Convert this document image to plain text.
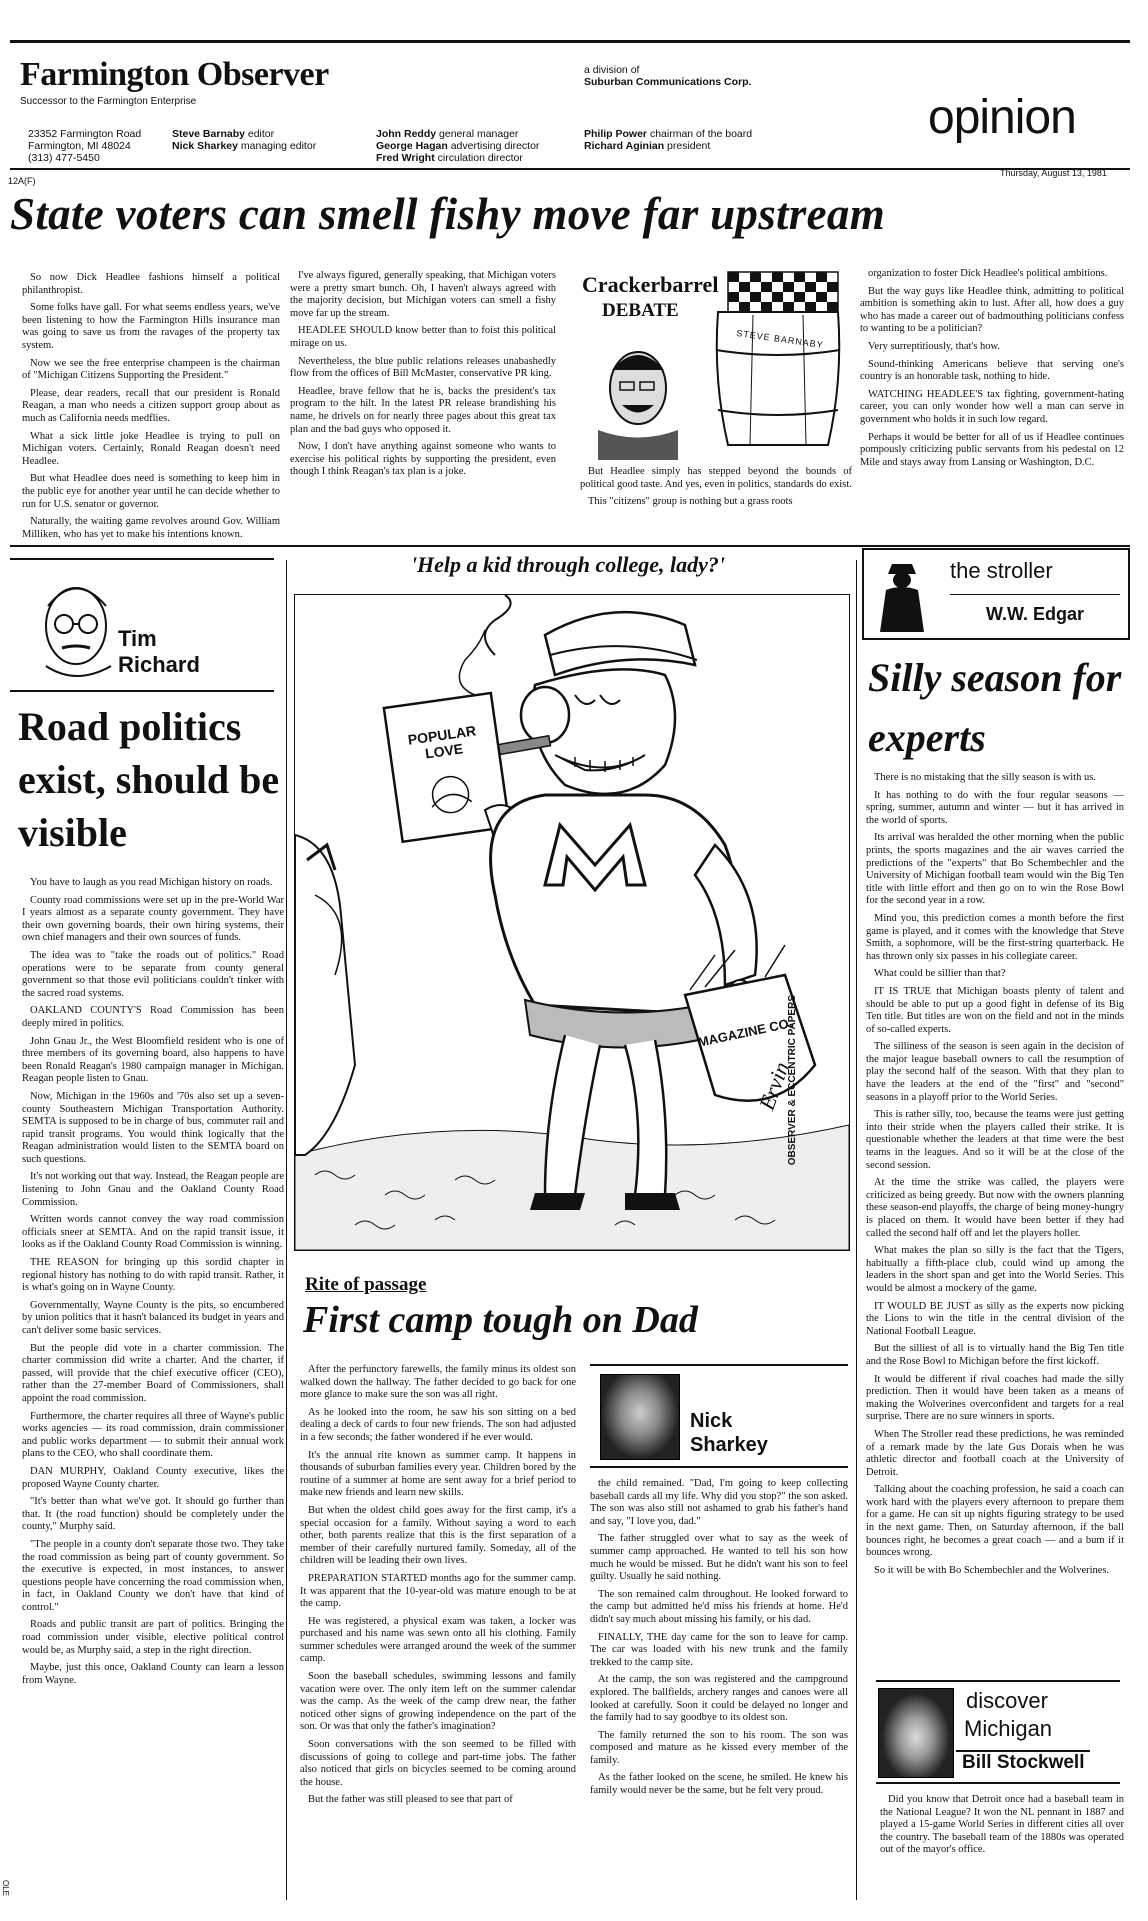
Farmington Observer
Successor to the Farmington Enterprise
23352 Farmington Road
Farmington, MI 48024
(313) 477-5450
Steve Barnaby editor
Nick Sharkey managing editor
John Reddy general manager
George Hagan advertising director
Fred Wright circulation director
a division of
Suburban Communications Corp.
Philip Power chairman of the board
Richard Aginian president
opinion
12A(F)
Thursday, August 13, 1981
State voters can smell fishy move far upstream

So now Dick Headlee fashions himself a political philanthropist.

Some folks have gall. For what seems endless years, we've been listening to how the Farmington Hills insurance man was going to save us from the ravages of the property tax system.

Now we see the free enterprise champeen is the chairman of "Michigan Citizens Supporting the President."

Please, dear readers, recall that our president is Ronald Reagan, a man who needs a citizen support group about as much as California needs medflies.

What a sick little joke Headlee is trying to pull on Michigan voters. Certainly, Ronald Reagan doesn't need Headlee.

But what Headlee does need is something to keep him in the public eye for another year until he can decide whether to run for U.S. senator or governor.

Naturally, the waiting game revolves around Gov. William Milliken, who has yet to make his intentions known.

I've always figured, generally speaking, that Michigan voters were a pretty smart bunch. Oh, I haven't always agreed with the majority decision, but Michigan voters can smell a fishy move far up the stream.

HEADLEE SHOULD know better than to foist this political mirage on us.

Nevertheless, the blue public relations releases unabashedly flow from the offices of Bill McMaster, conservative PR king.

Headlee, brave fellow that he is, backs the president's tax program to the hilt. In the latest PR release brandishing his name, he drivels on for nearly three pages about this great tax plan and the bad guys who opposed it.

Now, I don't have anything against someone who wants to exercise his political rights by supporting the president, even though I think Reagan's tax plan is a joke.

Crackerbarrel
DEBATE
STEVE BARNABY

But Headlee simply has stepped beyond the bounds of political good taste. And yes, even in politics, standards do exist.

This "citizens" group is nothing but a grass roots

organization to foster Dick Headlee's political ambitions.

But the way guys like Headlee think, admitting to political ambition is something akin to lust. After all, how does a guy who has made a career out of badmouthing politicians confess to wanting to be a politician?

Very surreptitiously, that's how.

Sound-thinking Americans believe that serving one's country is an honorable task, nothing to hide.

WATCHING HEADLEE'S tax fighting, government-hating career, you can only wonder how well a man can serve in government who holds it in such low regard.

Perhaps it would be better for all of us if Headlee continues pompously criticizing public servants from his pedestal on 12 Mile and stays away from Lansing or Washington, D.C.

Tim
Richard
Road politics exist, should be visible

You have to laugh as you read Michigan history on roads.

County road commissions were set up in the pre-World War I years almost as a separate county government. They have their own governing boards, their own hiring systems, their own chief managers and their own sources of funds.

The idea was to "take the roads out of politics." Road operations were to be separate from county general government so that those evil politicians couldn't tinker with the sacred road systems.

OAKLAND COUNTY'S Road Commission has been deeply mired in politics.

John Gnau Jr., the West Bloomfield resident who is one of three members of its governing board, also happens to have been Ronald Reagan's 1980 campaign manager in Michigan. Reagan people listen to Gnau.

Now, Michigan in the 1960s and '70s also set up a seven-county Southeastern Michigan Transportation Authority. SEMTA is supposed to be in charge of bus, commuter rail and rapid transit programs. You would think logically that the Reagan administration would listen to the SEMTA board on such questions.

It's not working out that way. Instead, the Reagan people are listening to John Gnau and the Oakland County Road Commission.

Written words cannot convey the way road commission officials sneer at SEMTA. And on the rapid transit issue, it looks as if the Oakland County Road Commission is winning.

THE REASON for bringing up this sordid chapter in regional history has nothing to do with rapid transit. Rather, it is what's going on in Wayne County.

Governmentally, Wayne County is the pits, so encumbered by union politics that it hasn't balanced its budget in years and can't deliver some basic services.

But the people did vote in a charter commission. The charter commission did write a charter. And the charter, if passed, will provide that the chief executive officer (CEO), rather than the 27-member Board of Commissioners, shall appoint the road commission.

Furthermore, the charter requires all three of Wayne's public works agencies — its road commission, drain commissioner and public works department — to submit their annual work plans to the CEO, who shall coordinate them.

DAN MURPHY, Oakland County executive, likes the proposed Wayne County charter.

"It's better than what we've got. It should go further than that. It (the road function) should be completely under the county," Murphy said.

"The people in a county don't separate those two. They take the road commission as being part of county government. So the executive is expected, in most instances, to answer questions people have concerning the road commission when, in fact, in Oakland County we don't have that kind of control."

Roads and public transit are part of politics. Bringing the road commission under visible, elective political control would be, as Murphy said, a step in the right direction.

Maybe, just this once, Oakland County can learn a lesson from Wayne.

OLE
'Help a kid through college, lady?'
POPULAR LOVE
MAGAZINE CO.
OBSERVER & ECCENTRIC PAPERS
Ervin
Rite of passage
First camp tough on Dad

After the perfunctory farewells, the family minus its oldest son walked down the hallway. The father decided to go back for one more glance to make sure the son was all right.

As he looked into the room, he saw his son sitting on a bed dealing a deck of cards to four new friends. The son had adjusted in a few seconds; the father wondered if he ever would.

It's the annual rite known as summer camp. It happens in thousands of suburban families every year. Children bored by the routine of a summer at home are sent away for a brief period to make new friends and learn new skills.

But when the oldest child goes away for the first camp, it's a special occasion for a family. Without saying a word to each other, both parents realize that this is the first separation of a member of their carefully nurtured family. Someday, all of the children will be leading their own lives.

PREPARATION STARTED months ago for the summer camp. It was apparent that the 10-year-old was mature enough to be at the camp.

He was registered, a physical exam was taken, a locker was purchased and his name was sewn onto all his clothing. Family summer schedules were arranged around the week of the summer camp.

Soon the baseball schedules, swimming lessons and family vacation were over. The only item left on the summer calendar was the camp. As the week of the camp drew near, the father noticed other signs of growing independence on the part of the son. Or was that only the father's imagination?

Soon conversations with the son seemed to be filled with discussions of going to college and part-time jobs. The father also noticed that girls on bicycles seemed to be coming around the house.

But the father was still pleased to see that part of

Nick
Sharkey

the child remained. "Dad, I'm going to keep collecting baseball cards all my life. Why did you stop?" the son asked. The son was also still not ashamed to grab his father's hand and say, "I love you, dad."

The father struggled over what to say as the week of summer camp approached. He wanted to tell his son how much he would be missed. But he didn't want his son to feel guilty. Usually he said nothing.

The son remained calm throughout. He looked forward to the camp but admitted he'd miss his friends at home. He'd didn't say much about missing his family, or his dad.

FINALLY, THE day came for the son to leave for camp. The car was loaded with his new trunk and the family trekked to the camp site.

At the camp, the son was registered and the campground explored. The ballfields, archery ranges and canoes were all looked at carefully. Soon it could be delayed no longer and the family had to say goodbye to its oldest son.

The family returned the son to his room. The son was composed and mature as he kissed every member of the family.

As the father looked on the scene, he smiled. He knew his family would never be the same, but he felt very proud.

the stroller
W.W. Edgar
Silly season for experts

There is no mistaking that the silly season is with us.

It has nothing to do with the four regular seasons — spring, summer, autumn and winter — but it has arrived in the world of sports.

Its arrival was heralded the other morning when the public prints, the sports magazines and the air waves carried the predictions of the "experts" that Bo Schembechler and the University of Michigan football team would win the Big Ten title with little effort and then go on to win the Rose Bowl for the second year in a row.

Mind you, this prediction comes a month before the first game is played, and it comes with the knowledge that Steve Smith, a sophomore, will be the first-string quarterback. He has thrown only six passes in his collegiate career.

What could be sillier than that?

IT IS TRUE that Michigan boasts plenty of talent and should be able to put up a good fight in defense of its Big Ten title. But titles are won on the field and not in the minds of so-called experts.

The silliness of the season is seen again in the decision of the major league baseball owners to call the resumption of play the second half of the season. With that they plan to have the leaders at the end of the "first" and "second" seasons in a playoff prior to the World Series.

This is rather silly, too, because the teams were just getting into their stride when the players called their strike. It is questionable whether the leaders at that time were the best teams in the leagues. And so it will be at the close of the second session.

At the time the strike was called, the players were criticized as being greedy. But now with the owners planning these season-end playoffs, the charge of being money-hungry is placed on them. It would have been better if they had called the second half off and let the players holler.

What makes the plan so silly is the fact that the Tigers, habitually a fifth-place club, could wind up among the leaders in the short span and get into the World Series. This would be almost a mockery of the game.

IT WOULD BE JUST as silly as the experts now picking the Lions to win the title in the central division of the National Football League.

But the silliest of all is to virtually hand the Big Ten title and the Rose Bowl to Michigan before the first kickoff.

It would be different if rival coaches had made the silly prediction. Then it would have been taken as a means of making the Wolverines overconfident and targets for a real surprise. There are no sure winners in sports.

When The Stroller read these predictions, he was reminded of a remark made by the late Gus Dorais when he was athletic director and football coach at the University of Detroit.

Talking about the coaching profession, he said a coach can work hard with the players every afternoon to prepare them for a game. He can sit up nights figuring strategy to be used in the next game. Then, on Saturday afternoon, if the ball bounces right, he becomes a great coach — and a bum if it bounces wrong.

So it will be with Bo Schembechler and the Wolverines.

discover
Michigan
Bill Stockwell

Did you know that Detroit once had a baseball team in the National League? It won the NL pennant in 1887 and played a 15-game World Series in different cities all over the country. The baseball team of the 1880s was operated out of the mayor's office.
